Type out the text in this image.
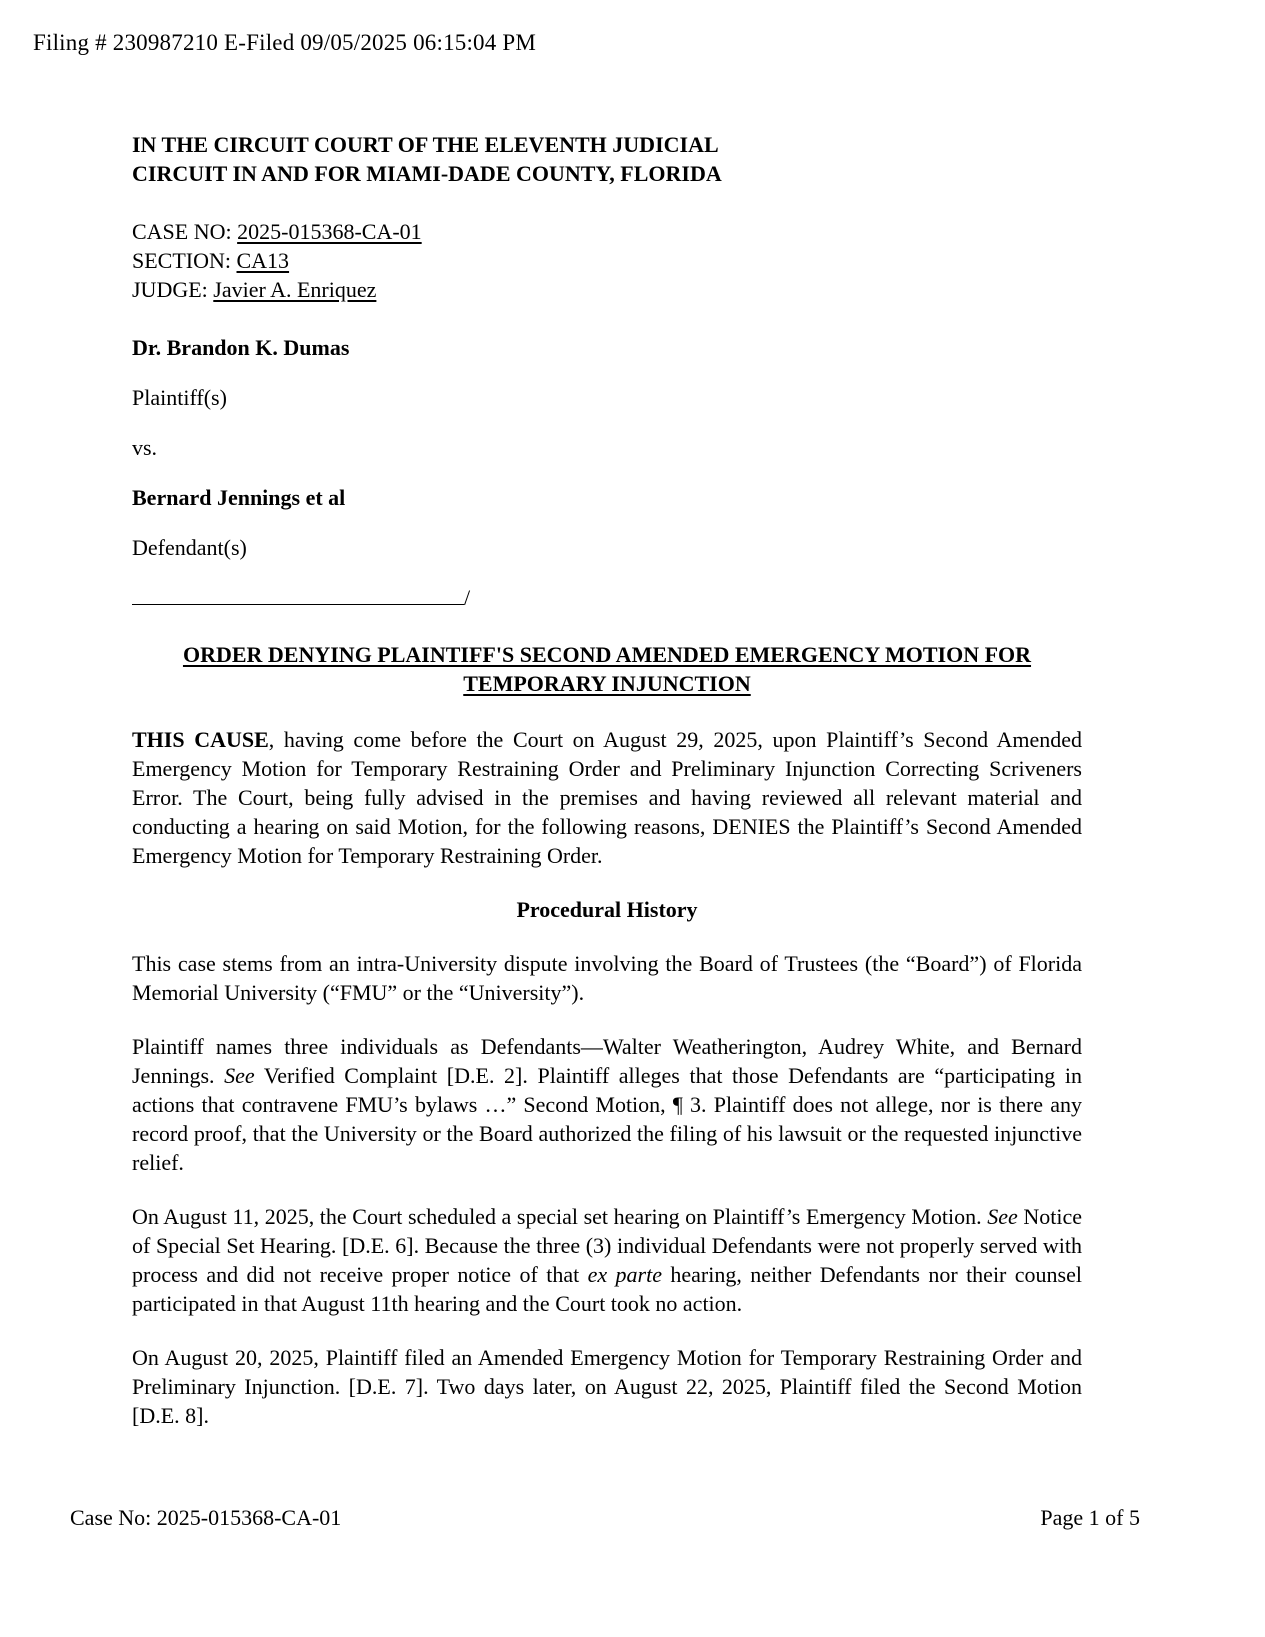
Filing # 230987210 E-Filed 09/05/2025 06:15:04 PM
IN THE CIRCUIT COURT OF THE ELEVENTH JUDICIAL
CIRCUIT IN AND FOR MIAMI-DADE COUNTY, FLORIDA
CASE NO: 2025-015368-CA-01
SECTION: CA13
JUDGE: Javier A. Enriquez
Dr. Brandon K. Dumas
Plaintiff(s)
vs.
Bernard Jennings et al
Defendant(s)
/
ORDER DENYING PLAINTIFF'S SECOND AMENDED EMERGENCY MOTION FOR
TEMPORARY INJUNCTION

THIS CAUSE, having come before the Court on August 29, 2025, upon Plaintiff’s Second Amended Emergency Motion for Temporary Restraining Order and Preliminary Injunction Correcting Scriveners Error. The Court, being fully advised in the premises and having reviewed all relevant material and conducting a hearing on said Motion, for the following reasons, DENIES the Plaintiff’s Second Amended Emergency Motion for Temporary Restraining Order.

Procedural History

This case stems from an intra-University dispute involving the Board of Trustees (the “Board”) of Florida Memorial University (“FMU” or the “University”).

Plaintiff names three individuals as Defendants—Walter Weatherington, Audrey White, and Bernard Jennings. See Verified Complaint [D.E. 2]. Plaintiff alleges that those Defendants are “participating in actions that contravene FMU’s bylaws …” Second Motion, ¶ 3. Plaintiff does not allege, nor is there any record proof, that the University or the Board authorized the filing of his lawsuit or the requested injunctive relief.

On August 11, 2025, the Court scheduled a special set hearing on Plaintiff’s Emergency Motion. See Notice of Special Set Hearing. [D.E. 6]. Because the three (3) individual Defendants were not properly served with process and did not receive proper notice of that ex parte hearing, neither Defendants nor their counsel participated in that August 11th hearing and the Court took no action.

On August 20, 2025, Plaintiff filed an Amended Emergency Motion for Temporary Restraining Order and Preliminary Injunction. [D.E. 7]. Two days later, on August 22, 2025, Plaintiff filed the Second Motion [D.E. 8].

Case No: 2025-015368-CA-01	Page 1 of 5
